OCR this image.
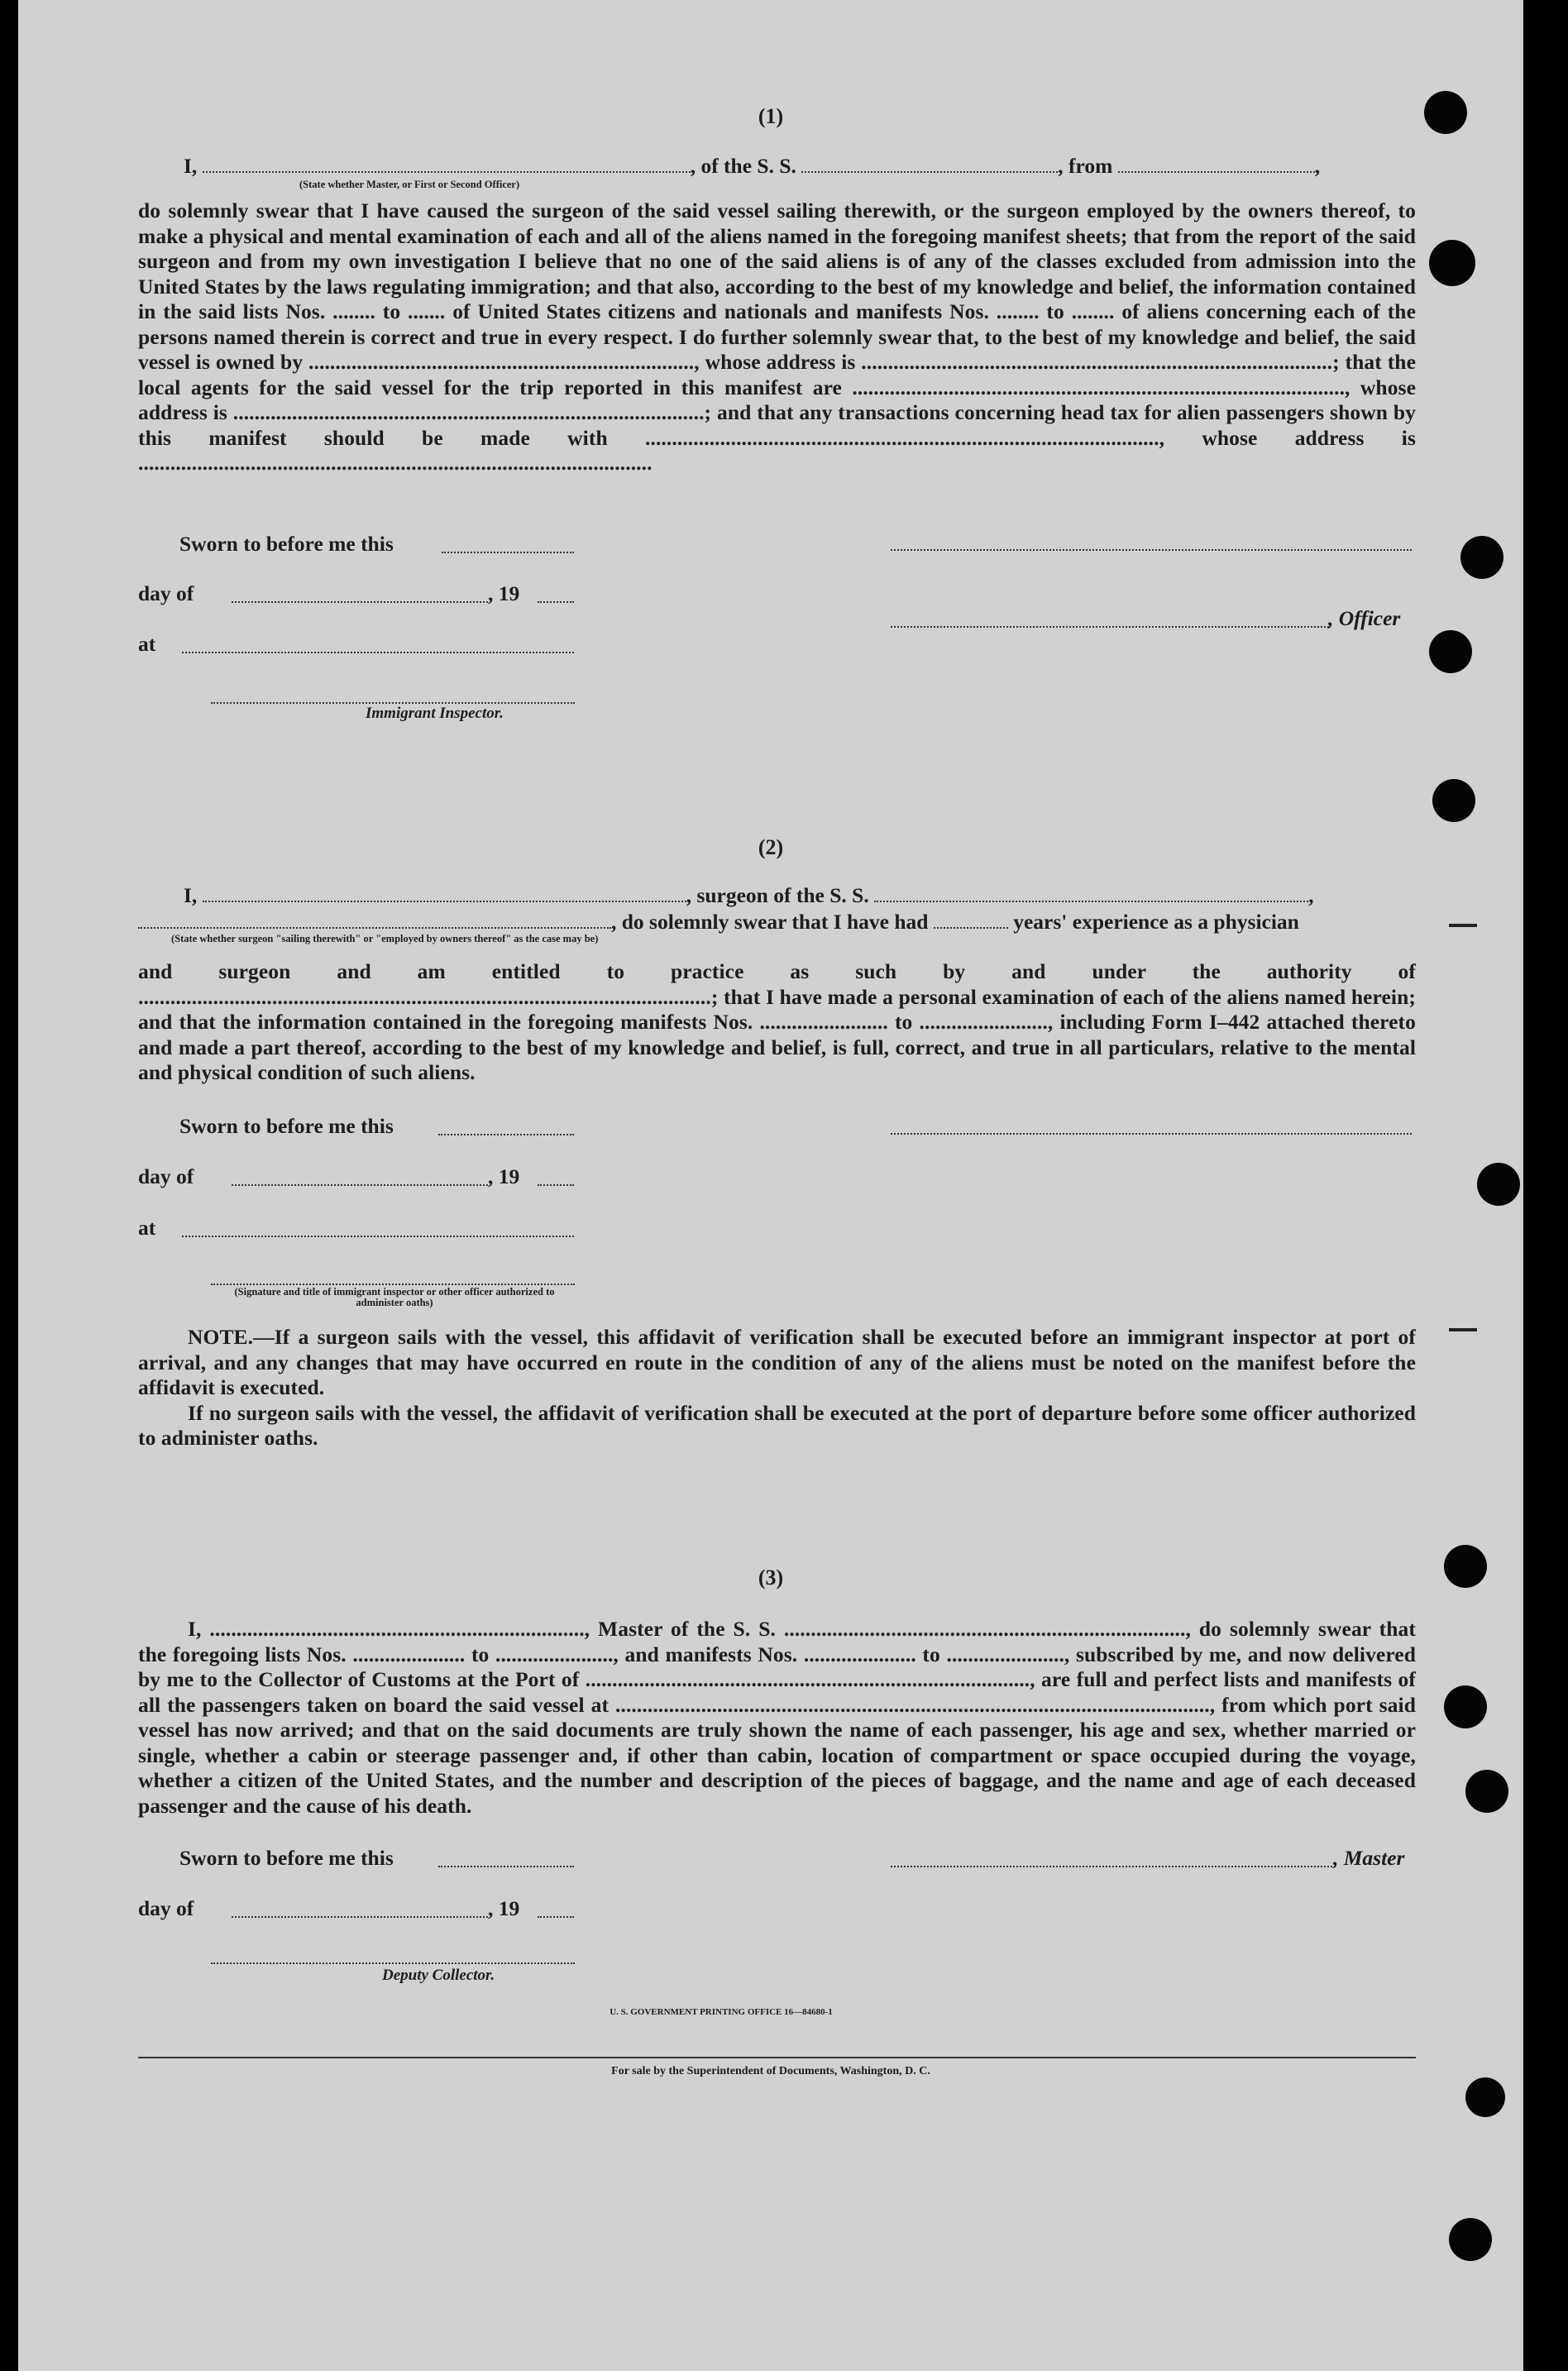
(1)
I,	, of the S. S.	, from	,
(State whether Master, or First or Second Officer)

do solemnly swear that I have caused the surgeon of the said vessel sailing therewith, or the surgeon employed by the owners thereof, to make a physical and mental examination of each and all of the aliens named in the foregoing manifest sheets; that from the report of the said surgeon and from my own investigation I believe that no one of the said aliens is of any of the classes excluded from admission into the United States by the laws regulating immigration; and that also, according to the best of my knowledge and belief, the information contained in the said lists Nos. ........ to ....... of United States citizens and nationals and manifests Nos. ........ to ........ of aliens concerning each of the persons named therein is correct and true in every respect. I do further solemnly swear that, to the best of my knowledge and belief, the said vessel is owned by ........................................................................, whose address is ........................................................................................; that the local agents for the said vessel for the trip reported in this manifest are ............................................................................................, whose address is ........................................................................................; and that any transactions concerning head tax for alien passengers shown by this manifest should be made with ................................................................................................, whose address is ................................................................................................

Sworn to before me this
day of	, 19
, Officer
at
Immigrant Inspector.
(2)
I,	, surgeon of the S. S.	,
, do solemnly swear that I have had	years' experience as a physician
(State whether surgeon "sailing therewith" or "employed by owners thereof" as the case may be)

and surgeon and am entitled to practice as such by and under the authority of ...........................................................................................................; that I have made a personal examination of each of the aliens named herein; and that the information contained in the foregoing manifests Nos. ........................ to ........................, including Form I–442 attached thereto and made a part thereof, according to the best of my knowledge and belief, is full, correct, and true in all particulars, relative to the mental and physical condition of such aliens.

Sworn to before me this
day of	, 19
at
(Signature and title of immigrant inspector or other officer authorized to administer oaths)

NOTE.—If a surgeon sails with the vessel, this affidavit of verification shall be executed before an immigrant inspector at port of arrival, and any changes that may have occurred en route in the condition of any of the aliens must be noted on the manifest before the affidavit is executed.

If no surgeon sails with the vessel, the affidavit of verification shall be executed at the port of departure before some officer authorized to administer oaths.

(3)

I, ......................................................................, Master of the S. S. ..........................................................................., do solemnly swear that the foregoing lists Nos. ..................... to ......................, and manifests Nos. ..................... to ......................, subscribed by me, and now delivered by me to the Collector of Customs at the Port of ..................................................................................., are full and perfect lists and manifests of all the passengers taken on board the said vessel at ..............................................................................................................., from which port said vessel has now arrived; and that on the said documents are truly shown the name of each passenger, his age and sex, whether married or single, whether a cabin or steerage passenger and, if other than cabin, location of compartment or space occupied during the voyage, whether a citizen of the United States, and the number and description of the pieces of baggage, and the name and age of each deceased passenger and the cause of his death.

Sworn to before me this	, Master
day of	, 19
Deputy Collector.
U. S. GOVERNMENT PRINTING OFFICE 16—84680-1
For sale by the Superintendent of Documents, Washington, D. C.
